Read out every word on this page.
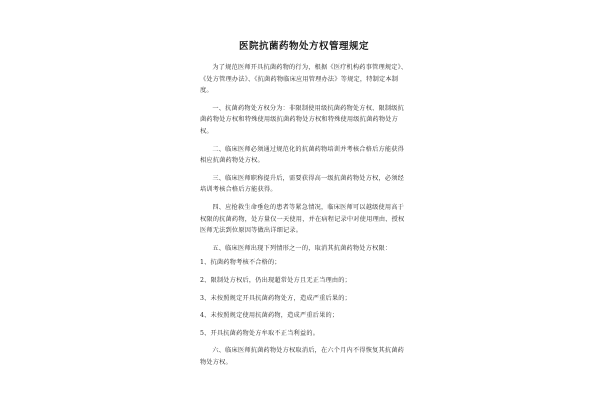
医院抗菌药物处方权管理规定

为了规范医师开具抗菌药物的行为，根据《医疗机构药事管理规定》、《处方管理办法》、《抗菌药物临床应用管理办法》等规定，特制定本制度。

一、抗菌药物处方权分为：非限制使用级抗菌药物处方权、限制级抗菌药物处方权和特殊使用级抗菌药物处方权和特殊使用级抗菌药物处方权。

二、临床医师必须通过规范化的抗菌药物培训并考核合格后方能获得相应抗菌药物处方权。

三、临床医师职称提升后，需要获得高一级抗菌药物处方权，必须经培训考核合格后方能获得。

四、应抢救生命垂危的患者等紧急情况，临床医师可以越级使用高于权限的抗菌药物，处方量仅一天使用，并在病程记录中对使用理由、授权医师无法到位原因等做出详细记录。

五、临床医师出现下列情形之一的，取消其抗菌药物处方权限：

1、抗菌药物考核不合格的；

2、限制处方权后，仍出现超常处方且无正当理由的；

3、未按照规定开具抗菌药物处方，造成严重后果的；

4、未按照规定使用抗菌药物，造成严重后果的；

5、开具抗菌药物处方牟取不正当利益的。

六、临床医师抗菌药物处方权取消后，在六个月内不得恢复其抗菌药物处方权。
